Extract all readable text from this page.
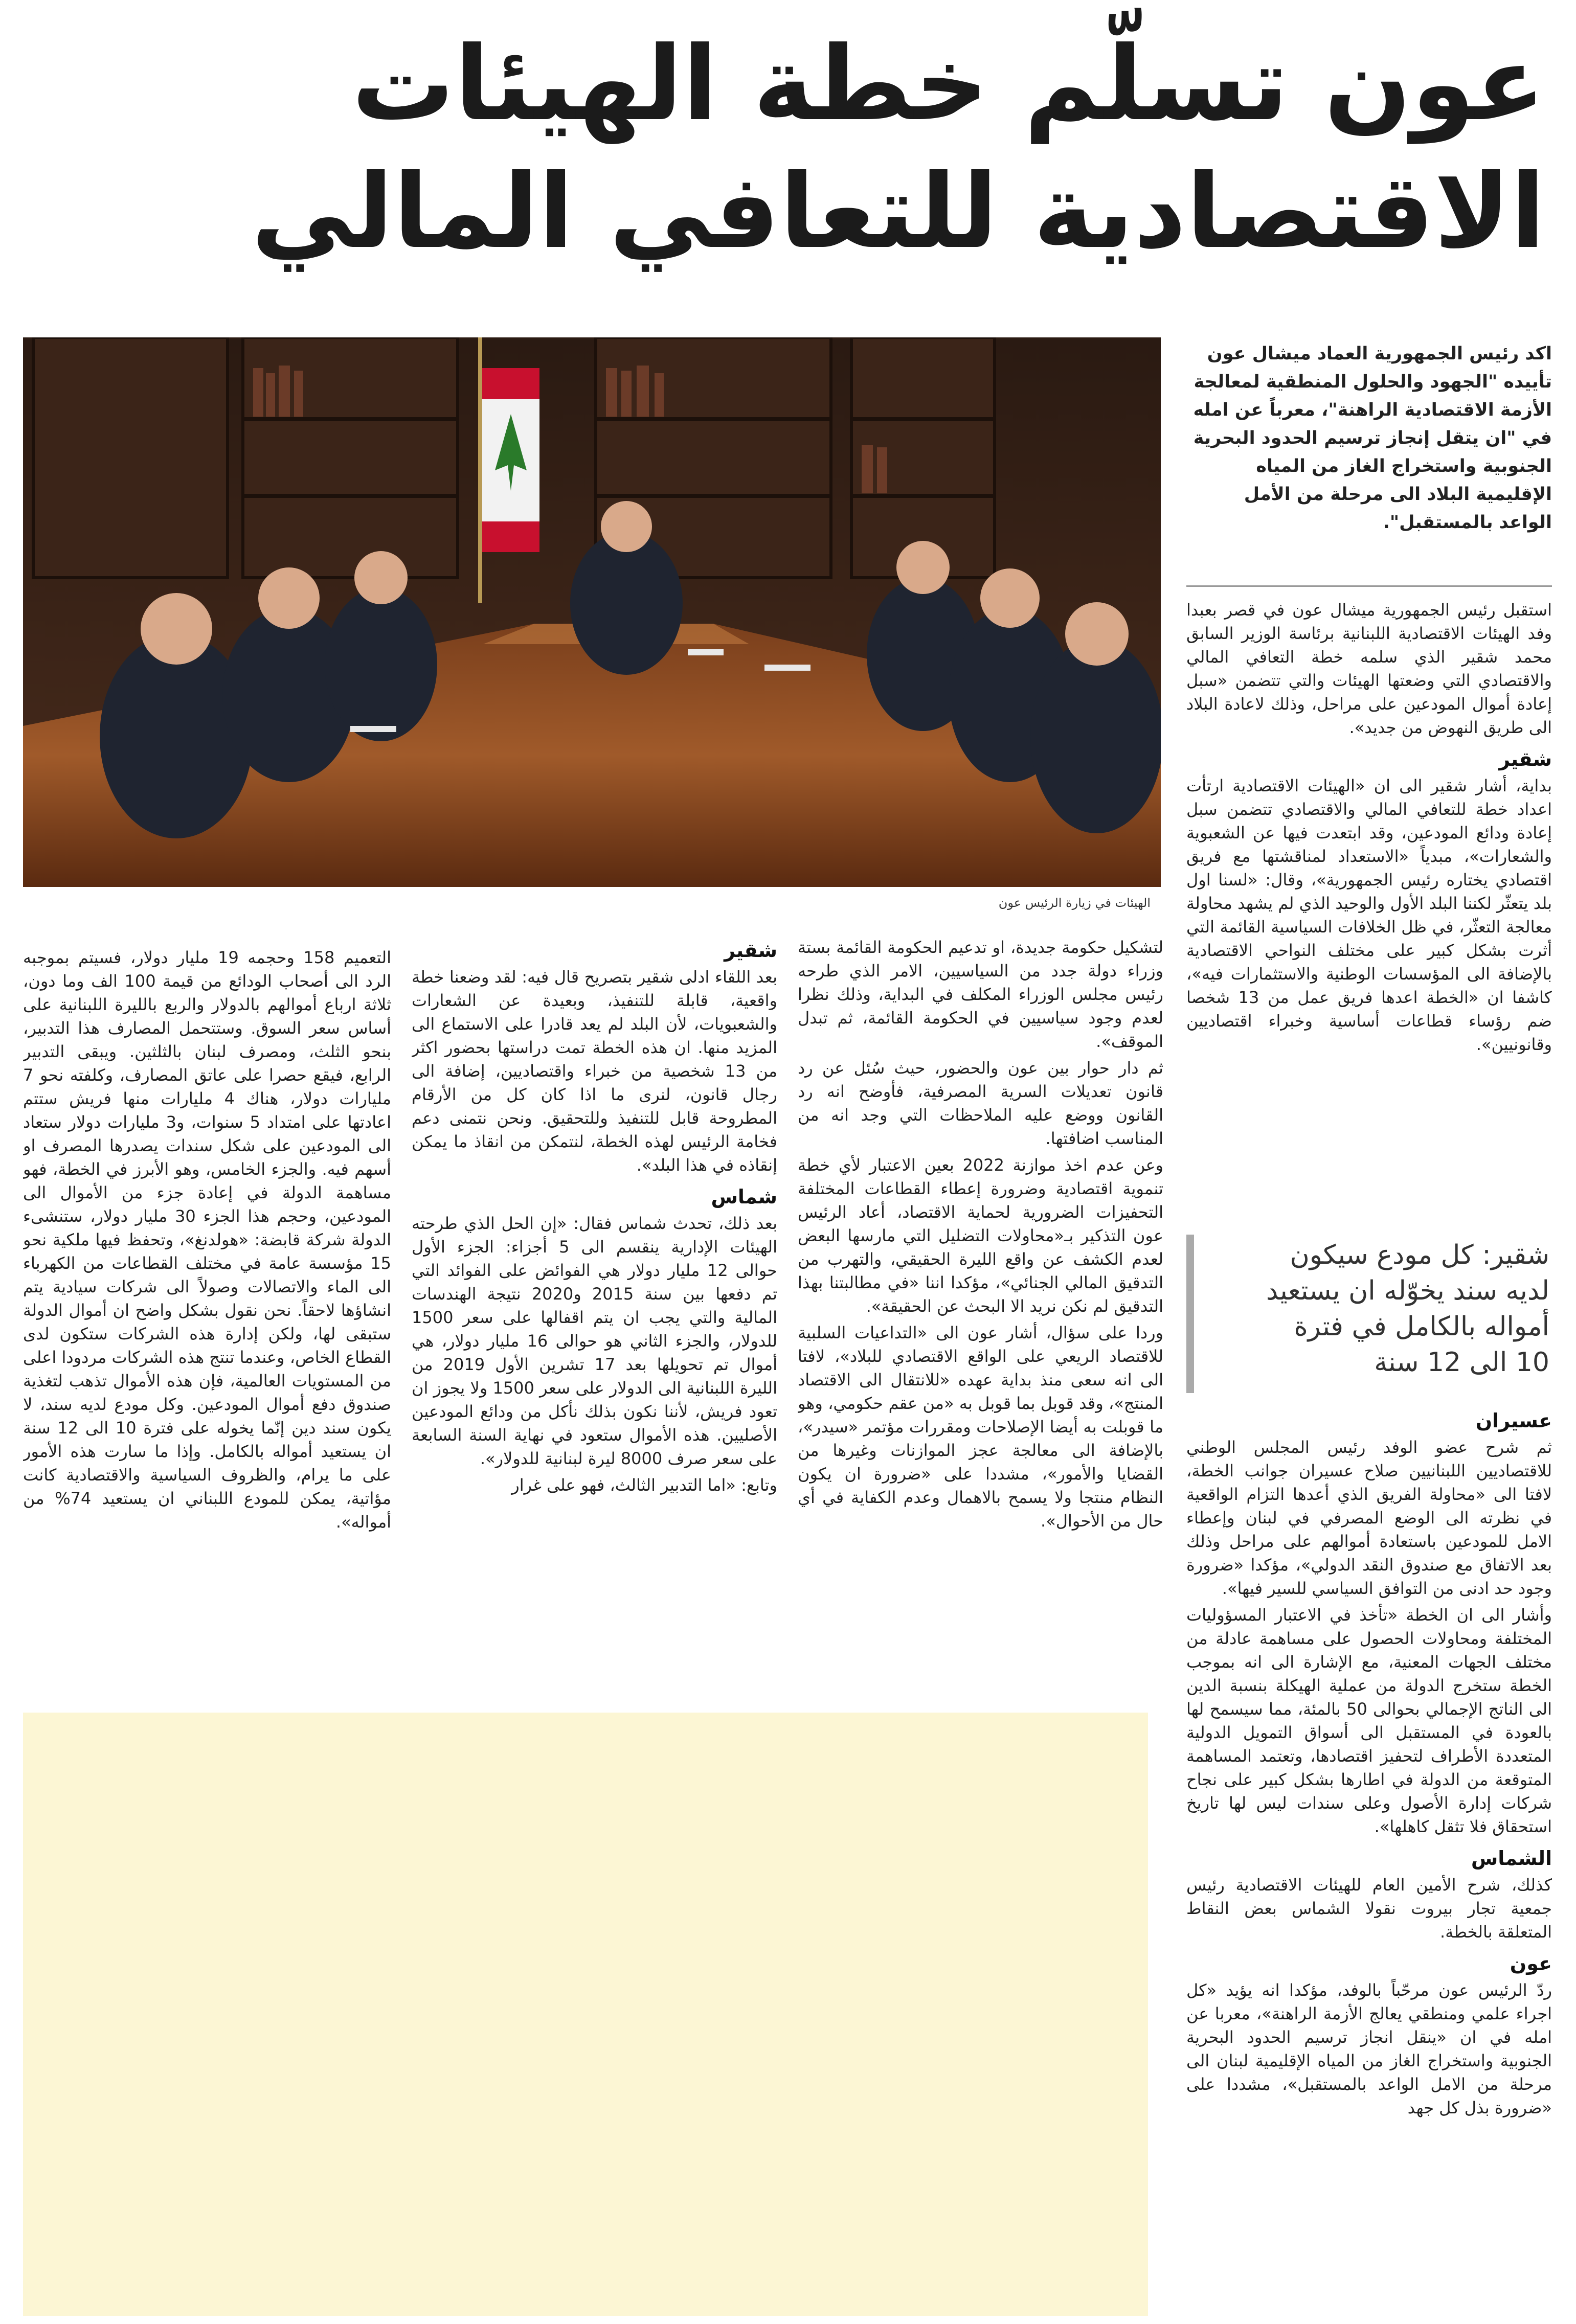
عون تسلّم خطة الهيئات الاقتصادية للتعافي المالي
الهيئات في زيارة الرئيس عون
اكد رئيس الجمهورية العماد ميشال عون تأييده "الجهود والحلول المنطقية لمعالجة الأزمة الاقتصادية الراهنة"، معرباً عن امله في "ان يتقل إنجاز ترسيم الحدود البحرية الجنوبية واستخراج الغاز من المياه الإقليمية البلاد الى مرحلة من الأمل الواعد بالمستقبل".

استقبل رئيس الجمهورية ميشال عون في قصر بعبدا وفد الهيئات الاقتصادية اللبنانية برئاسة الوزير السابق محمد شقير الذي سلمه خطة التعافي المالي والاقتصادي التي وضعتها الهيئات والتي تتضمن «سبل إعادة أموال المودعين على مراحل، وذلك لاعادة البلاد الى طريق النهوض من جديد».

شقير

بداية، أشار شقير الى ان «الهيئات الاقتصادية ارتأت اعداد خطة للتعافي المالي والاقتصادي تتضمن سبل إعادة ودائع المودعين، وقد ابتعدت فيها عن الشعبوية والشعارات»، مبدياً «الاستعداد لمناقشتها مع فريق اقتصادي يختاره رئيس الجمهورية»، وقال: «لسنا اول بلد يتعثّر لكننا البلد الأول والوحيد الذي لم يشهد محاولة معالجة التعثّر، في ظل الخلافات السياسية القائمة التي أثرت بشكل كبير على مختلف النواحي الاقتصادية بالإضافة الى المؤسسات الوطنية والاستثمارات فيه»، كاشفا ان «الخطة اعدها فريق عمل من 13 شخصا ضم رؤساء قطاعات أساسية وخبراء اقتصاديين وقانونيين».

شقير: كل مودع سيكون لديه سند يخوّله ان يستعيد أمواله بالكامل في فترة 10 الى 12 سنة
عسيران

ثم شرح عضو الوفد رئيس المجلس الوطني للاقتصاديين اللبنانيين صلاح عسيران جوانب الخطة، لافتا الى «محاولة الفريق الذي أعدها التزام الواقعية في نظرته الى الوضع المصرفي في لبنان وإعطاء الامل للمودعين باستعادة أموالهم على مراحل وذلك بعد الاتفاق مع صندوق النقد الدولي»، مؤكدا «ضرورة وجود حد ادنى من التوافق السياسي للسير فيها».

وأشار الى ان الخطة «تأخذ في الاعتبار المسؤوليات المختلفة ومحاولات الحصول على مساهمة عادلة من مختلف الجهات المعنية، مع الإشارة الى انه بموجب الخطة ستخرج الدولة من عملية الهيكلة بنسبة الدين الى الناتج الإجمالي بحوالى 50 بالمئة، مما سيسمح لها بالعودة في المستقبل الى أسواق التمويل الدولية المتعددة الأطراف لتحفيز اقتصادها، وتعتمد المساهمة المتوقعة من الدولة في اطارها بشكل كبير على نجاح شركات إدارة الأصول وعلى سندات ليس لها تاريخ استحقاق فلا تثقل كاهلها».

الشماس

كذلك، شرح الأمين العام للهيئات الاقتصادية رئيس جمعية تجار بيروت نقولا الشماس بعض النقاط المتعلقة بالخطة.

عون

ردّ الرئيس عون مرحّباً بالوفد، مؤكدا انه يؤيد «كل اجراء علمي ومنطقي يعالج الأزمة الراهنة»، معربا عن امله في ان «ينقل انجاز ترسيم الحدود البحرية الجنوبية واستخراج الغاز من المياه الإقليمية لبنان الى مرحلة من الامل الواعد بالمستقبل»، مشددا على «ضرورة بذل كل جهد

لتشكيل حكومة جديدة، او تدعيم الحكومة القائمة بستة وزراء دولة جدد من السياسيين، الامر الذي طرحه رئيس مجلس الوزراء المكلف في البداية، وذلك نظرا لعدم وجود سياسيين في الحكومة القائمة، ثم تبدل الموقف».

ثم دار حوار بين عون والحضور، حيث سُئل عن رد قانون تعديلات السرية المصرفية، فأوضح انه رد القانون ووضع عليه الملاحظات التي وجد انه من المناسب اضافتها.

وعن عدم اخذ موازنة 2022 بعين الاعتبار لأي خطة تنموية اقتصادية وضرورة إعطاء القطاعات المختلفة التحفيزات الضرورية لحماية الاقتصاد، أعاد الرئيس عون التذكير بـ«محاولات التضليل التي مارسها البعض لعدم الكشف عن واقع الليرة الحقيقي، والتهرب من التدقيق المالي الجنائي»، مؤكدا اننا «في مطالبتنا بهذا التدقيق لم نكن نريد الا البحث عن الحقيقة».

وردا على سؤال، أشار عون الى «التداعيات السلبية للاقتصاد الريعي على الواقع الاقتصادي للبلاد»، لافتا الى انه سعى منذ بداية عهده «للانتقال الى الاقتصاد المنتج»، وقد قوبل بما قوبل به «من عقم حكومي، وهو ما قوبلت به أيضا الإصلاحات ومقررات مؤتمر «سيدر»، بالإضافة الى معالجة عجز الموازنات وغيرها من القضايا والأمور»، مشددا على «ضرورة ان يكون النظام منتجا ولا يسمح بالاهمال وعدم الكفاية في أي حال من الأحوال».

شقير

بعد اللقاء ادلى شقير بتصريح قال فيه: لقد وضعنا خطة واقعية، قابلة للتنفيذ، وبعيدة عن الشعارات والشعبويات، لأن البلد لم يعد قادرا على الاستماع الى المزيد منها. ان هذه الخطة تمت دراستها بحضور اكثر من 13 شخصية من خبراء واقتصاديين، إضافة الى رجال قانون، لنرى ما اذا كان كل من الأرقام المطروحة قابل للتنفيذ وللتحقيق. ونحن نتمنى دعم فخامة الرئيس لهذه الخطة، لنتمكن من انقاذ ما يمكن إنقاذه في هذا البلد».

شماس

بعد ذلك، تحدث شماس فقال: «إن الحل الذي طرحته الهيئات الإدارية ينقسم الى 5 أجزاء: الجزء الأول حوالى 12 مليار دولار هي الفوائض على الفوائد التي تم دفعها بين سنة 2015 و2020 نتيجة الهندسات المالية والتي يجب ان يتم اقفالها على سعر 1500 للدولار، والجزء الثاني هو حوالى 16 مليار دولار، هي أموال تم تحويلها بعد 17 تشرين الأول 2019 من الليرة اللبنانية الى الدولار على سعر 1500 ولا يجوز ان تعود فريش، لأننا نكون بذلك نأكل من ودائع المودعين الأصليين. هذه الأموال ستعود في نهاية السنة السابعة على سعر صرف 8000 ليرة لبنانية للدولار».

وتابع: «اما التدبير الثالث، فهو على غرار

التعميم 158 وحجمه 19 مليار دولار، فسيتم بموجبه الرد الى أصحاب الودائع من قيمة 100 الف وما دون، ثلاثة ارباع أموالهم بالدولار والربع بالليرة اللبنانية على أساس سعر السوق. وستتحمل المصارف هذا التدبير، بنحو الثلث، ومصرف لبنان بالثلثين. ويبقى التدبير الرابع، فيقع حصرا على عاتق المصارف، وكلفته نحو 7 مليارات دولار، هناك 4 مليارات منها فريش ستتم اعادتها على امتداد 5 سنوات، و3 مليارات دولار ستعاد الى المودعين على شكل سندات يصدرها المصرف او أسهم فيه. والجزء الخامس، وهو الأبرز في الخطة، فهو مساهمة الدولة في إعادة جزء من الأموال الى المودعين، وحجم هذا الجزء 30 مليار دولار، ستنشىء الدولة شركة قابضة: «هولدنغ»، وتحفظ فيها ملكية نحو 15 مؤسسة عامة في مختلف القطاعات من الكهرباء الى الماء والاتصالات وصولاً الى شركات سيادية يتم انشاؤها لاحقاً. نحن نقول بشكل واضح ان أموال الدولة ستبقى لها، ولكن إدارة هذه الشركات ستكون لدى القطاع الخاص، وعندما تنتج هذه الشركات مردودا اعلى من المستويات العالمية، فإن هذه الأموال تذهب لتغذية صندوق دفع أموال المودعين. وكل مودع لديه سند، لا يكون سند دين إنّما يخوله على فترة 10 الى 12 سنة ان يستعيد أمواله بالكامل. وإذا ما سارت هذه الأمور على ما يرام، والظروف السياسية والاقتصادية كانت مؤاتية، يمكن للمودع اللبناني ان يستعيد 74% من أمواله».
